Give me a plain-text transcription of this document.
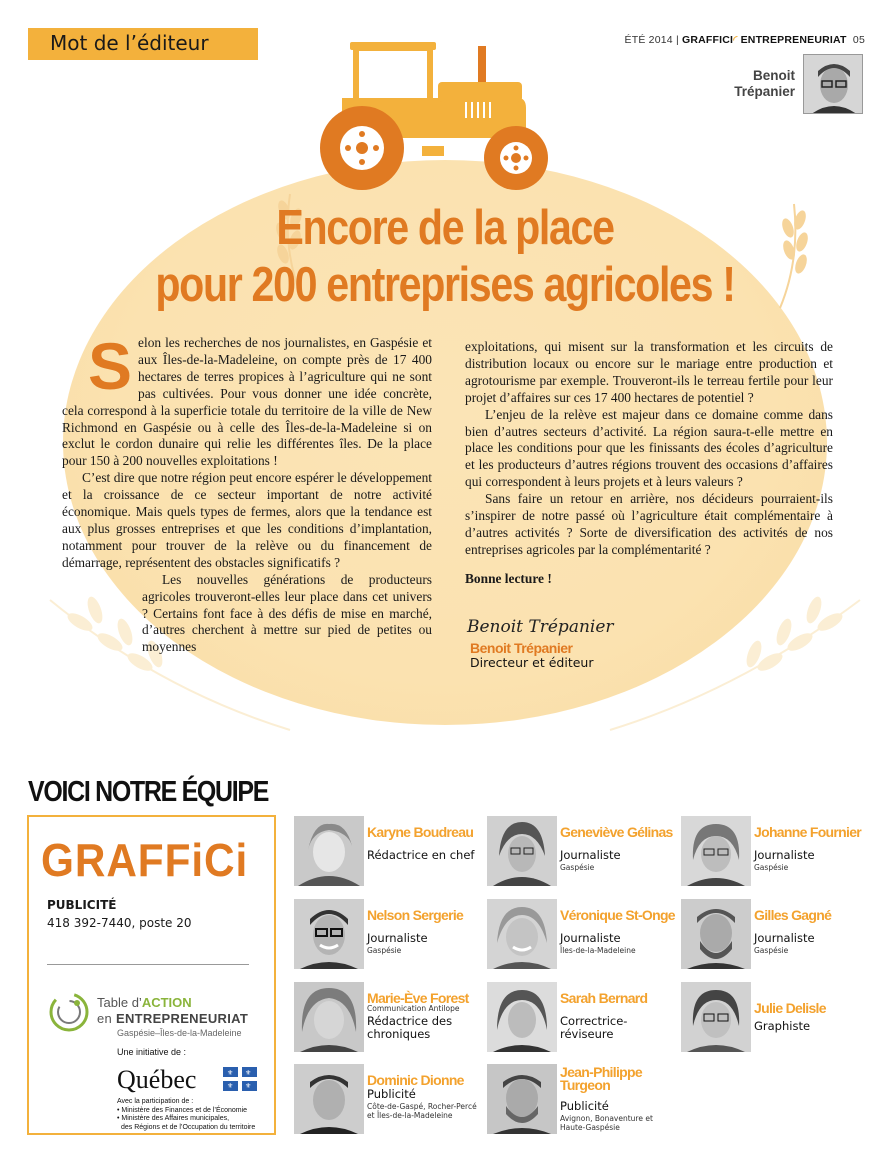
Mot de l’éditeur	ÉTÉ 2014 | GRAFFICI◜ ENTREPRENEURIAT 05
Benoit
Trépanier
Encore de la place
pour 200 entreprises agricoles !

Selon les recherches de nos journalistes, en Gaspésie et aux Îles-de-la-Madeleine, on compte près de 17 400 hectares de terres propices à l’agriculture qui ne sont pas cultivées. Pour vous donner une idée concrète, cela correspond à la superficie totale du territoire de la ville de New Richmond en Gaspésie ou à celle des Îles-de-la-Madeleine si on exclut le cordon dunaire qui relie les différentes îles. De la place pour 150 à 200 nouvelles exploitations !

C’est dire que notre région peut encore espérer le développement et la croissance de ce secteur important de notre activité économique. Mais quels types de fermes, alors que la tendance est aux plus grosses entreprises et que les conditions d’implantation, notamment pour trouver de la relève ou du financement de démarrage, représentent des obstacles significatifs ?

Les nouvelles générations de producteurs agricoles trouveront-elles leur place dans cet univers ? Certains font face à des défis de mise en marché, d’autres cherchent à mettre sur pied de petites ou moyennes

exploitations, qui misent sur la transformation et les circuits de distribution locaux ou encore sur le mariage entre production et agrotourisme par exemple. Trouveront-ils le terreau fertile pour leur projet d’affaires sur ces 17 400 hectares de potentiel ?

L’enjeu de la relève est majeur dans ce domaine comme dans bien d’autres secteurs d’activité. La région saura-t-elle mettre en place les conditions pour que les finissants des écoles d’agriculture et les producteurs d’autres régions trouvent des occasions d’affaires qui correspondent à leurs projets et à leurs valeurs ?

Sans faire un retour en arrière, nos décideurs pourraient-ils s’inspirer de notre passé où l’agriculture était complémentaire à d’autres activités ? Sorte de diversification des activités de nos entreprises agricoles par la complémentarité ?

Bonne lecture !

Benoit Trépanier
Benoit Trépanier
Directeur et éditeur
VOICI NOTRE ÉQUIPE
GRAFFiCi
PUBLICITÉ
418 392-7440, poste 20
Table d’ACTION
en ENTREPRENEURIAT
Gaspésie–Îles-de-la-Madeleine
Une initiative de :
Québec	⚜ ⚜
⚜ ⚜
Avec la participation de :
• Ministère des Finances et de l’Économie
• Ministère des Affaires municipales,
des Régions et de l’Occupation du territoire
Karyne Boudreau
Rédactrice en chef
Geneviève Gélinas
Journaliste
Gaspésie
Johanne Fournier
Journaliste
Gaspésie
Nelson Sergerie
Journaliste
Gaspésie
Véronique St-Onge
Journaliste
Îles-de-la-Madeleine
Gilles Gagné
Journaliste
Gaspésie
Marie-Ève Forest
Communication Antilope
Rédactrice des chroniques
Sarah Bernard
Correctrice-réviseure
Julie Delisle
Graphiste
Dominic Dionne
Publicité
Côte-de-Gaspé, Rocher-Percé et Îles-de-la-Madeleine
Jean-Philippe Turgeon
Publicité
Avignon, Bonaventure et Haute-Gaspésie
